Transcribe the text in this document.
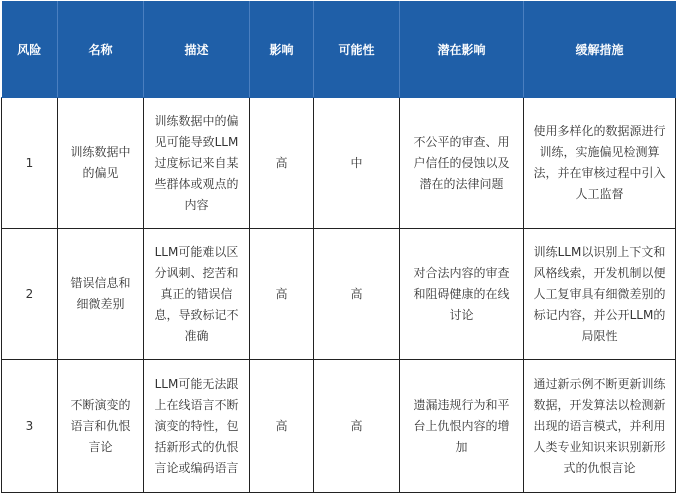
风险	名称	描述	影响	可能性	潜在影响	缓解措施
1	训练数据中的偏见	训练数据中的偏见可能导致LLM过度标记来自某些群体或观点的内容	高	中	不公平的审查、用户信任的侵蚀以及潜在的法律问题	使用多样化的数据源进行训练，实施偏见检测算法，并在审核过程中引入人工监督
2	错误信息和细微差别	LLM可能难以区分讽刺、挖苦和真正的错误信息，导致标记不准确	高	高	对合法内容的审查和阻碍健康的在线讨论	训练LLM以识别上下文和风格线索，开发机制以便人工复审具有细微差别的标记内容，并公开LLM的局限性
3	不断演变的语言和仇恨言论	LLM可能无法跟上在线语言不断演变的特性，包括新形式的仇恨言论或编码语言	高	高	遗漏违规行为和平台上仇恨内容的增加	通过新示例不断更新训练数据，开发算法以检测新出现的语言模式，并利用人类专业知识来识别新形式的仇恨言论
